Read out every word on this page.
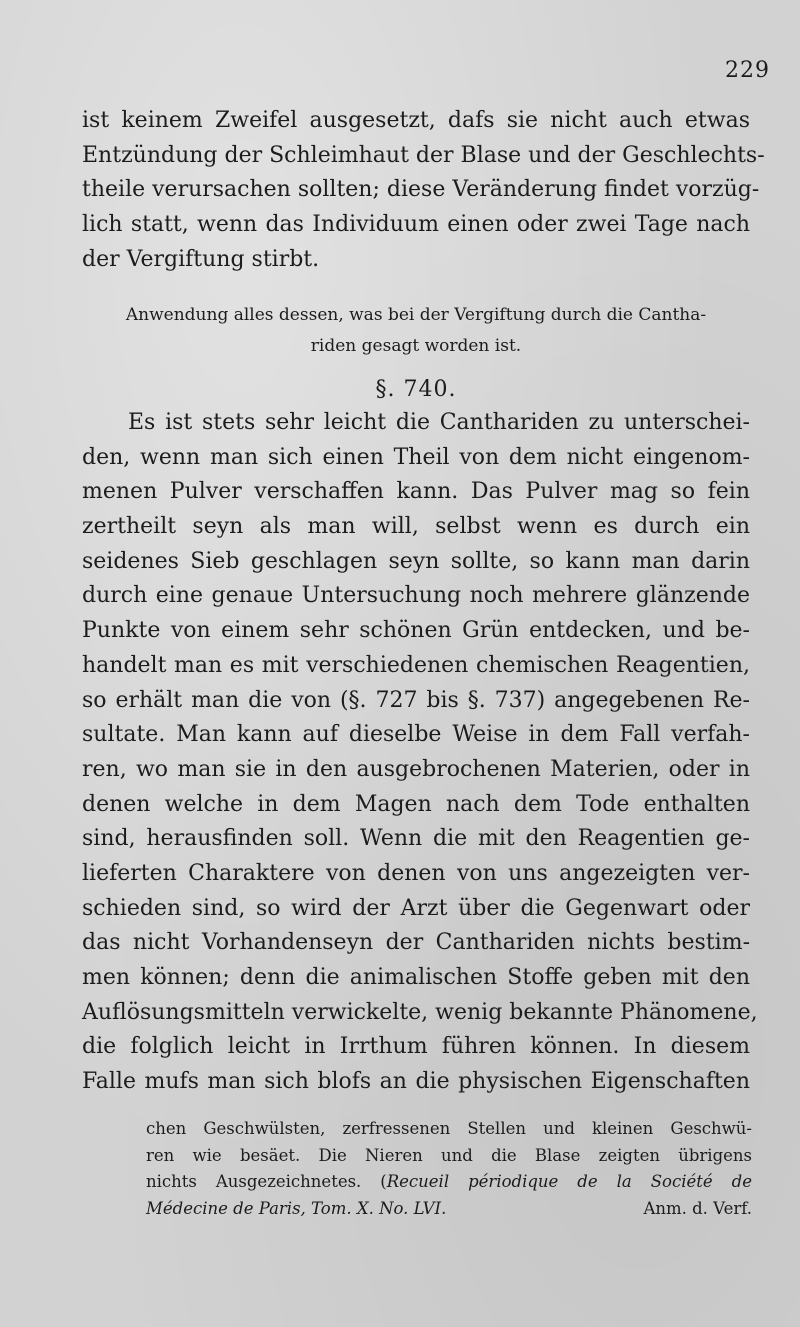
229
ist keinem Zweifel ausgesetzt, dafs sie nicht auch etwas
Entzündung der Schleimhaut der Blase und der Geschlechts-
theile verursachen sollten; diese Veränderung findet vorzüg-
lich statt, wenn das Individuum einen oder zwei Tage nach
der Vergiftung stirbt.
Anwendung alles dessen, was bei der Vergiftung durch die Cantha-
riden gesagt worden ist.
§. 740.
Es ist stets sehr leicht die Canthariden zu unterschei-
den, wenn man sich einen Theil von dem nicht eingenom-
menen Pulver verschaffen kann. Das Pulver mag so fein
zertheilt seyn als man will, selbst wenn es durch ein
seidenes Sieb geschlagen seyn sollte, so kann man darin
durch eine genaue Untersuchung noch mehrere glänzende
Punkte von einem sehr schönen Grün entdecken, und be-
handelt man es mit verschiedenen chemischen Reagentien,
so erhält man die von (§. 727 bis §. 737) angegebenen Re-
sultate. Man kann auf dieselbe Weise in dem Fall verfah-
ren, wo man sie in den ausgebrochenen Materien, oder in
denen welche in dem Magen nach dem Tode enthalten
sind, herausfinden soll. Wenn die mit den Reagentien ge-
lieferten Charaktere von denen von uns angezeigten ver-
schieden sind, so wird der Arzt über die Gegenwart oder
das nicht Vorhandenseyn der Canthariden nichts bestim-
men können; denn die animalischen Stoffe geben mit den
Auflösungsmitteln verwickelte, wenig bekannte Phänomene,
die folglich leicht in Irrthum führen können. In diesem
Falle mufs man sich blofs an die physischen Eigenschaften
chen Geschwülsten, zerfressenen Stellen und kleinen Geschwü-
ren wie besäet. Die Nieren und die Blase zeigten übrigens
nichts Ausgezeichnetes. (Recueil périodique de la Société de
Médecine de Paris, Tom. X. No. LVI.	Anm. d. Verf.
